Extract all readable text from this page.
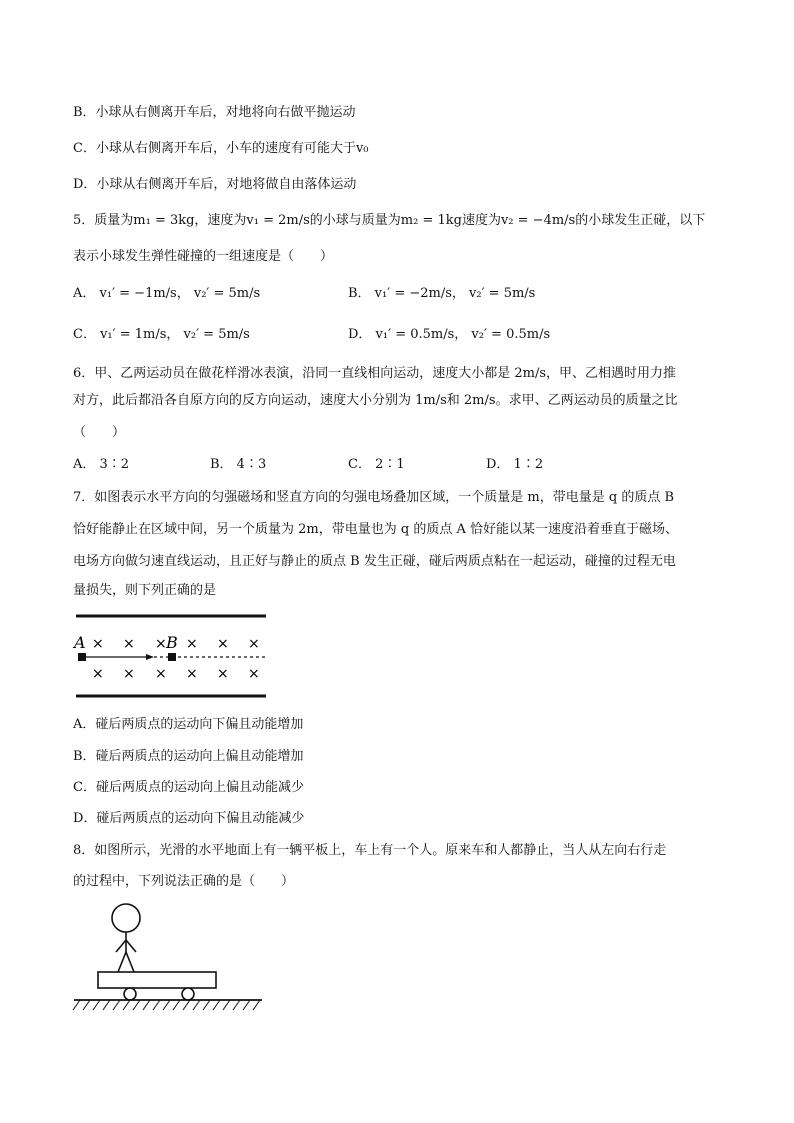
B．小球从右侧离开车后，对地将向右做平抛运动
C．小球从右侧离开车后，小车的速度有可能大于v₀
D．小球从右侧离开车后，对地将做自由落体运动
5．质量为m₁ = 3kg，速度为v₁ = 2m/s的小球与质量为m₂ = 1kg速度为v₂ = −4m/s的小球发生正碰，以下
表示小球发生弹性碰撞的一组速度是（　　）
A． v₁′ = −1m/s， v₂′ = 5m/s	B． v₁′ = −2m/s， v₂′ = 5m/s
C． v₁′ = 1m/s， v₂′ = 5m/s	D． v₁′ = 0.5m/s， v₂′ = 0.5m/s
6．甲、乙两运动员在做花样滑冰表演，沿同一直线相向运动，速度大小都是 2m/s，甲、乙相遇时用力推
对方，此后都沿各自原方向的反方向运动，速度大小分别为 1m/s和 2m/s。求甲、乙两运动员的质量之比
（　　）
A． 3∶2	B． 4∶3	C． 2∶1	D． 1∶2
7．如图表示水平方向的匀强磁场和竖直方向的匀强电场叠加区域，一个质量是 m，带电量是 q 的质点 B
恰好能静止在区域中间，另一个质量为 2m，带电量也为 q 的质点 A 恰好能以某一速度沿着垂直于磁场、
电场方向做匀速直线运动，且正好与静止的质点 B 发生正碰，碰后两质点粘在一起运动，碰撞的过程无电
量损失，则下列正确的是
A	B
× × × × × ×
× × × × × ×
A．碰后两质点的运动向下偏且动能增加
B．碰后两质点的运动向上偏且动能增加
C．碰后两质点的运动向上偏且动能减少
D．碰后两质点的运动向下偏且动能减少
8．如图所示，光滑的水平地面上有一辆平板上，车上有一个人。原来车和人都静止，当人从左向右行走
的过程中，下列说法正确的是（　　）
